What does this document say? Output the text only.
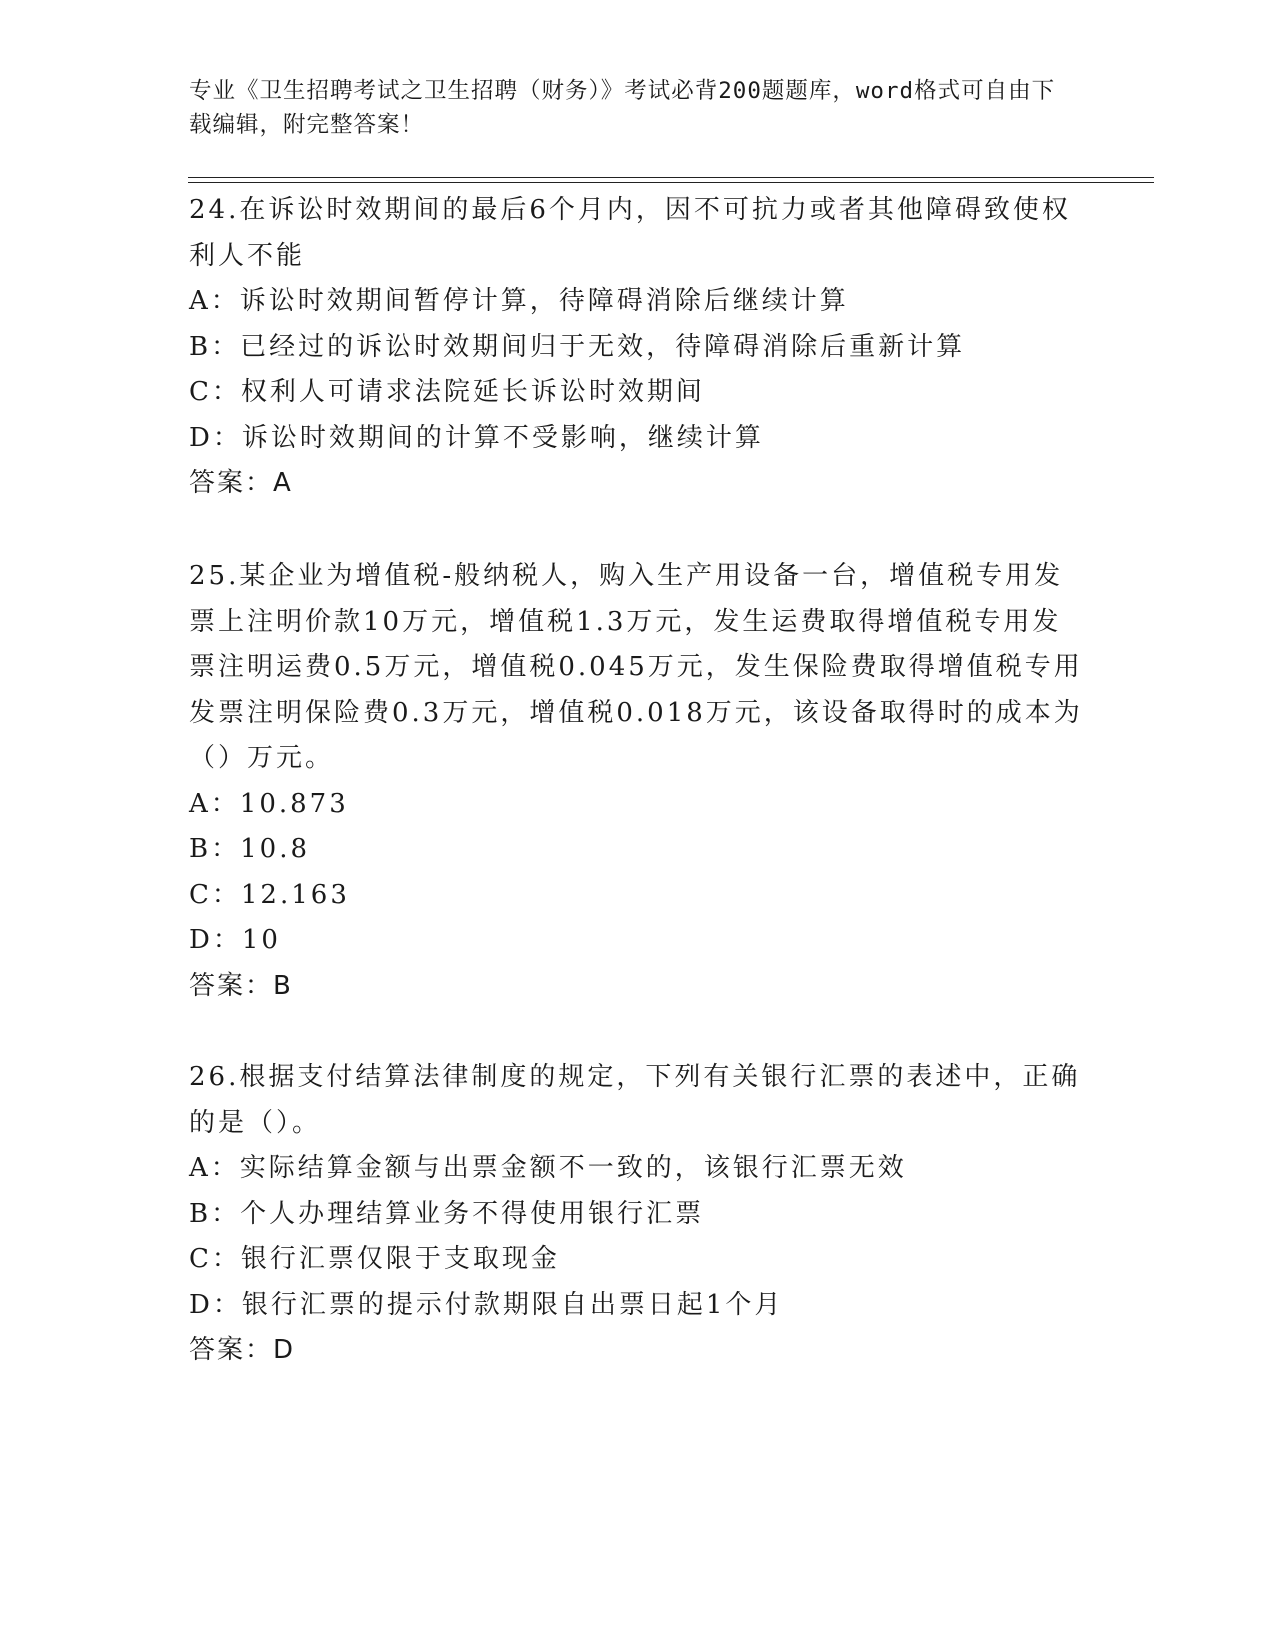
专业《卫生招聘考试之卫生招聘（财务）》考试必背200题题库，word格式可自由下载编辑，附完整答案！

24.在诉讼时效期间的最后6个月内，因不可抗力或者其他障碍致使权利人不能

A：诉讼时效期间暂停计算，待障碍消除后继续计算

B：已经过的诉讼时效期间归于无效，待障碍消除后重新计算

C：权利人可请求法院延长诉讼时效期间

D：诉讼时效期间的计算不受影响，继续计算

答案：A

25.某企业为增值税-般纳税人，购入生产用设备一台，增值税专用发票上注明价款10万元，增值税1.3万元，发生运费取得增值税专用发票注明运费0.5万元，增值税0.045万元，发生保险费取得增值税专用发票注明保险费0.3万元，增值税0.018万元，该设备取得时的成本为（）万元。

A：10.873

B：10.8

C：12.163

D：10

答案：B

26.根据支付结算法律制度的规定，下列有关银行汇票的表述中，正确的是（）。

A：实际结算金额与出票金额不一致的，该银行汇票无效

B：个人办理结算业务不得使用银行汇票

C：银行汇票仅限于支取现金

D：银行汇票的提示付款期限自出票日起1个月

答案：D
